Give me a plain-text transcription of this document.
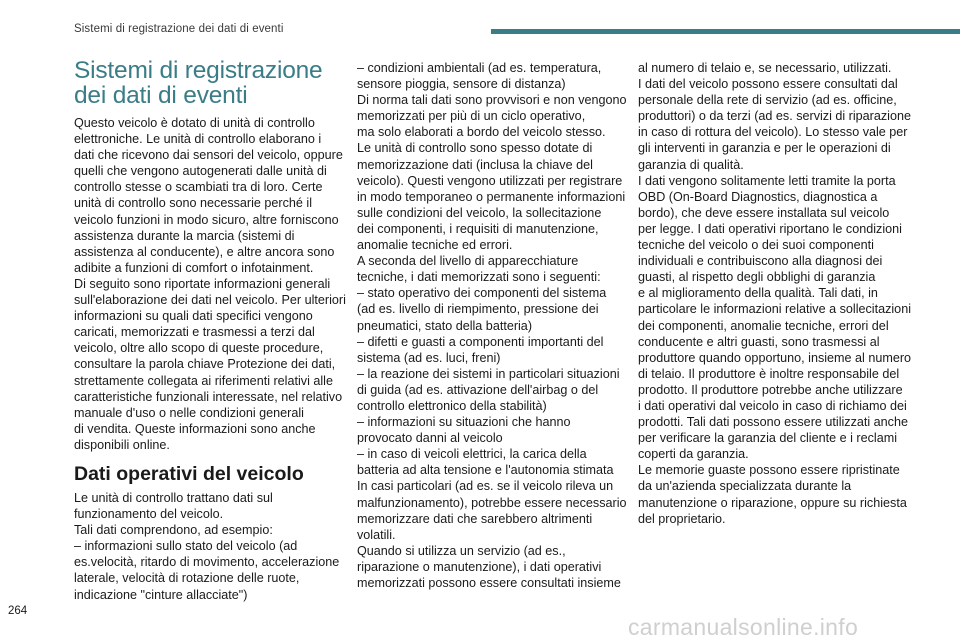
Sistemi di registrazione dei dati di eventi
Sistemi di registrazione
dei dati di eventi

Questo veicolo è dotato di unità di controllo

elettroniche. Le unità di controllo elaborano i

dati che ricevono dai sensori del veicolo, oppure

quelli che vengono autogenerati dalle unità di

controllo stesse o scambiati tra di loro. Certe

unità di controllo sono necessarie perché il

veicolo funzioni in modo sicuro, altre forniscono

assistenza durante la marcia (sistemi di

assistenza al conducente), e altre ancora sono

adibite a funzioni di comfort o infotainment.

Di seguito sono riportate informazioni generali

sull'elaborazione dei dati nel veicolo. Per ulteriori

informazioni su quali dati specifici vengono

caricati, memorizzati e trasmessi a terzi dal

veicolo, oltre allo scopo di queste procedure,

consultare la parola chiave Protezione dei dati,

strettamente collegata ai riferimenti relativi alle

caratteristiche funzionali interessate, nel relativo

manuale d'uso o nelle condizioni generali

di vendita. Queste informazioni sono anche

disponibili online.

Dati operativi del veicolo

Le unità di controllo trattano dati sul

funzionamento del veicolo.

Tali dati comprendono, ad esempio:

– informazioni sullo stato del veicolo (ad

es.velocità, ritardo di movimento, accelerazione

laterale, velocità di rotazione delle ruote,

indicazione "cinture allacciate")

– condizioni ambientali (ad es. temperatura,

sensore pioggia, sensore di distanza)

Di norma tali dati sono provvisori e non vengono

memorizzati per più di un ciclo operativo,

ma solo elaborati a bordo del veicolo stesso.

Le unità di controllo sono spesso dotate di

memorizzazione dati (inclusa la chiave del

veicolo). Questi vengono utilizzati per registrare

in modo temporaneo o permanente informazioni

sulle condizioni del veicolo, la sollecitazione

dei componenti, i requisiti di manutenzione,

anomalie tecniche ed errori.

A seconda del livello di apparecchiature

tecniche, i dati memorizzati sono i seguenti:

– stato operativo dei componenti del sistema

(ad es. livello di riempimento, pressione dei

pneumatici, stato della batteria)

– difetti e guasti a componenti importanti del

sistema (ad es. luci, freni)

– la reazione dei sistemi in particolari situazioni

di guida (ad es. attivazione dell'airbag o del

controllo elettronico della stabilità)

– informazioni su situazioni che hanno

provocato danni al veicolo

– in caso di veicoli elettrici, la carica della

batteria ad alta tensione e l'autonomia stimata

In casi particolari (ad es. se il veicolo rileva un

malfunzionamento), potrebbe essere necessario

memorizzare dati che sarebbero altrimenti

volatili.

Quando si utilizza un servizio (ad es.,

riparazione o manutenzione), i dati operativi

memorizzati possono essere consultati insieme

al numero di telaio e, se necessario, utilizzati.

I dati del veicolo possono essere consultati dal

personale della rete di servizio (ad es. officine,

produttori) o da terzi (ad es. servizi di riparazione

in caso di rottura del veicolo). Lo stesso vale per

gli interventi in garanzia e per le operazioni di

garanzia di qualità.

I dati vengono solitamente letti tramite la porta

OBD (On-Board Diagnostics, diagnostica a

bordo), che deve essere installata sul veicolo

per legge. I dati operativi riportano le condizioni

tecniche del veicolo o dei suoi componenti

individuali e contribuiscono alla diagnosi dei

guasti, al rispetto degli obblighi di garanzia

e al miglioramento della qualità. Tali dati, in

particolare le informazioni relative a sollecitazioni

dei componenti, anomalie tecniche, errori del

conducente e altri guasti, sono trasmessi al

produttore quando opportuno, insieme al numero

di telaio. Il produttore è inoltre responsabile del

prodotto. Il produttore potrebbe anche utilizzare

i dati operativi dal veicolo in caso di richiamo dei

prodotti. Tali dati possono essere utilizzati anche

per verificare la garanzia del cliente e i reclami

coperti da garanzia.

Le memorie guaste possono essere ripristinate

da un'azienda specializzata durante la

manutenzione o riparazione, oppure su richiesta

del proprietario.

264
carmanualsonline.info
